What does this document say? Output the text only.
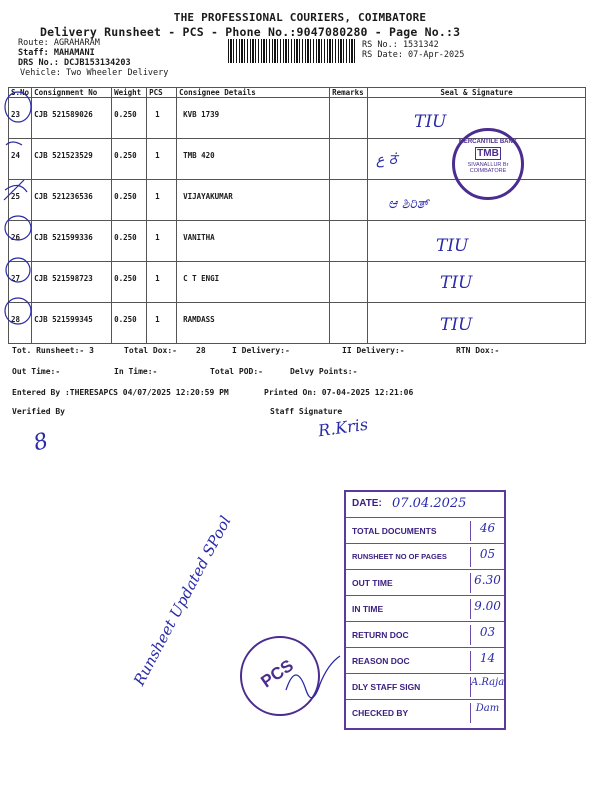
THE PROFESSIONAL COURIERS, COIMBATORE
Delivery Runsheet - PCS - Phone No.:9047080280 - Page No.:3
Route: AGRAHARAM
Staff: MAHAMANI
DRS No.: DCJB153134203
Vehicle: Two Wheeler Delivery
RS No.: 1531342
RS Date: 07-Apr-2025
S.No	Consignment No	Weight	PCS	Consignee Details	Remarks	Seal & Signature
23	CJB 521589026	0.250	1	KVB 1739		
24	CJB 521523529	0.250	1	TMB 420		
25	CJB 521236536	0.250	1	VIJAYAKUMAR		
26	CJB 521599336	0.250	1	VANITHA		
27	CJB 521598723	0.250	1	C T ENGI		
28	CJB 521599345	0.250	1	RAMDASS		
TIU
ع ठं
ಆ ಶಿರಿತ್
TIU
TIU
TIU
MERCANTILE BANK
TMB
SIVANALLUR Br
COIMBATORE
Tot. Runsheet:- 3	Total Dox:- 28	I Delivery:-	II Delivery:-	RTN Dox:-
Out Time:-	In Time:-	Total POD:-	Delvy Points:-
Entered By :THERESAPCS 04/07/2025 12:20:59 PM	Printed On: 07-04-2025 12:21:06
Verified By	Staff Signature
R.Kris
8
DATE: 07.04.2025
TOTAL DOCUMENTS	46
RUNSHEET NO OF PAGES	05
OUT TIME	6.30
IN TIME	9.00
RETURN DOC	03
REASON DOC	14
DLY STAFF SIGN	A.Raja
CHECKED BY	Dam
PCS
Runsheet Updated SPool
